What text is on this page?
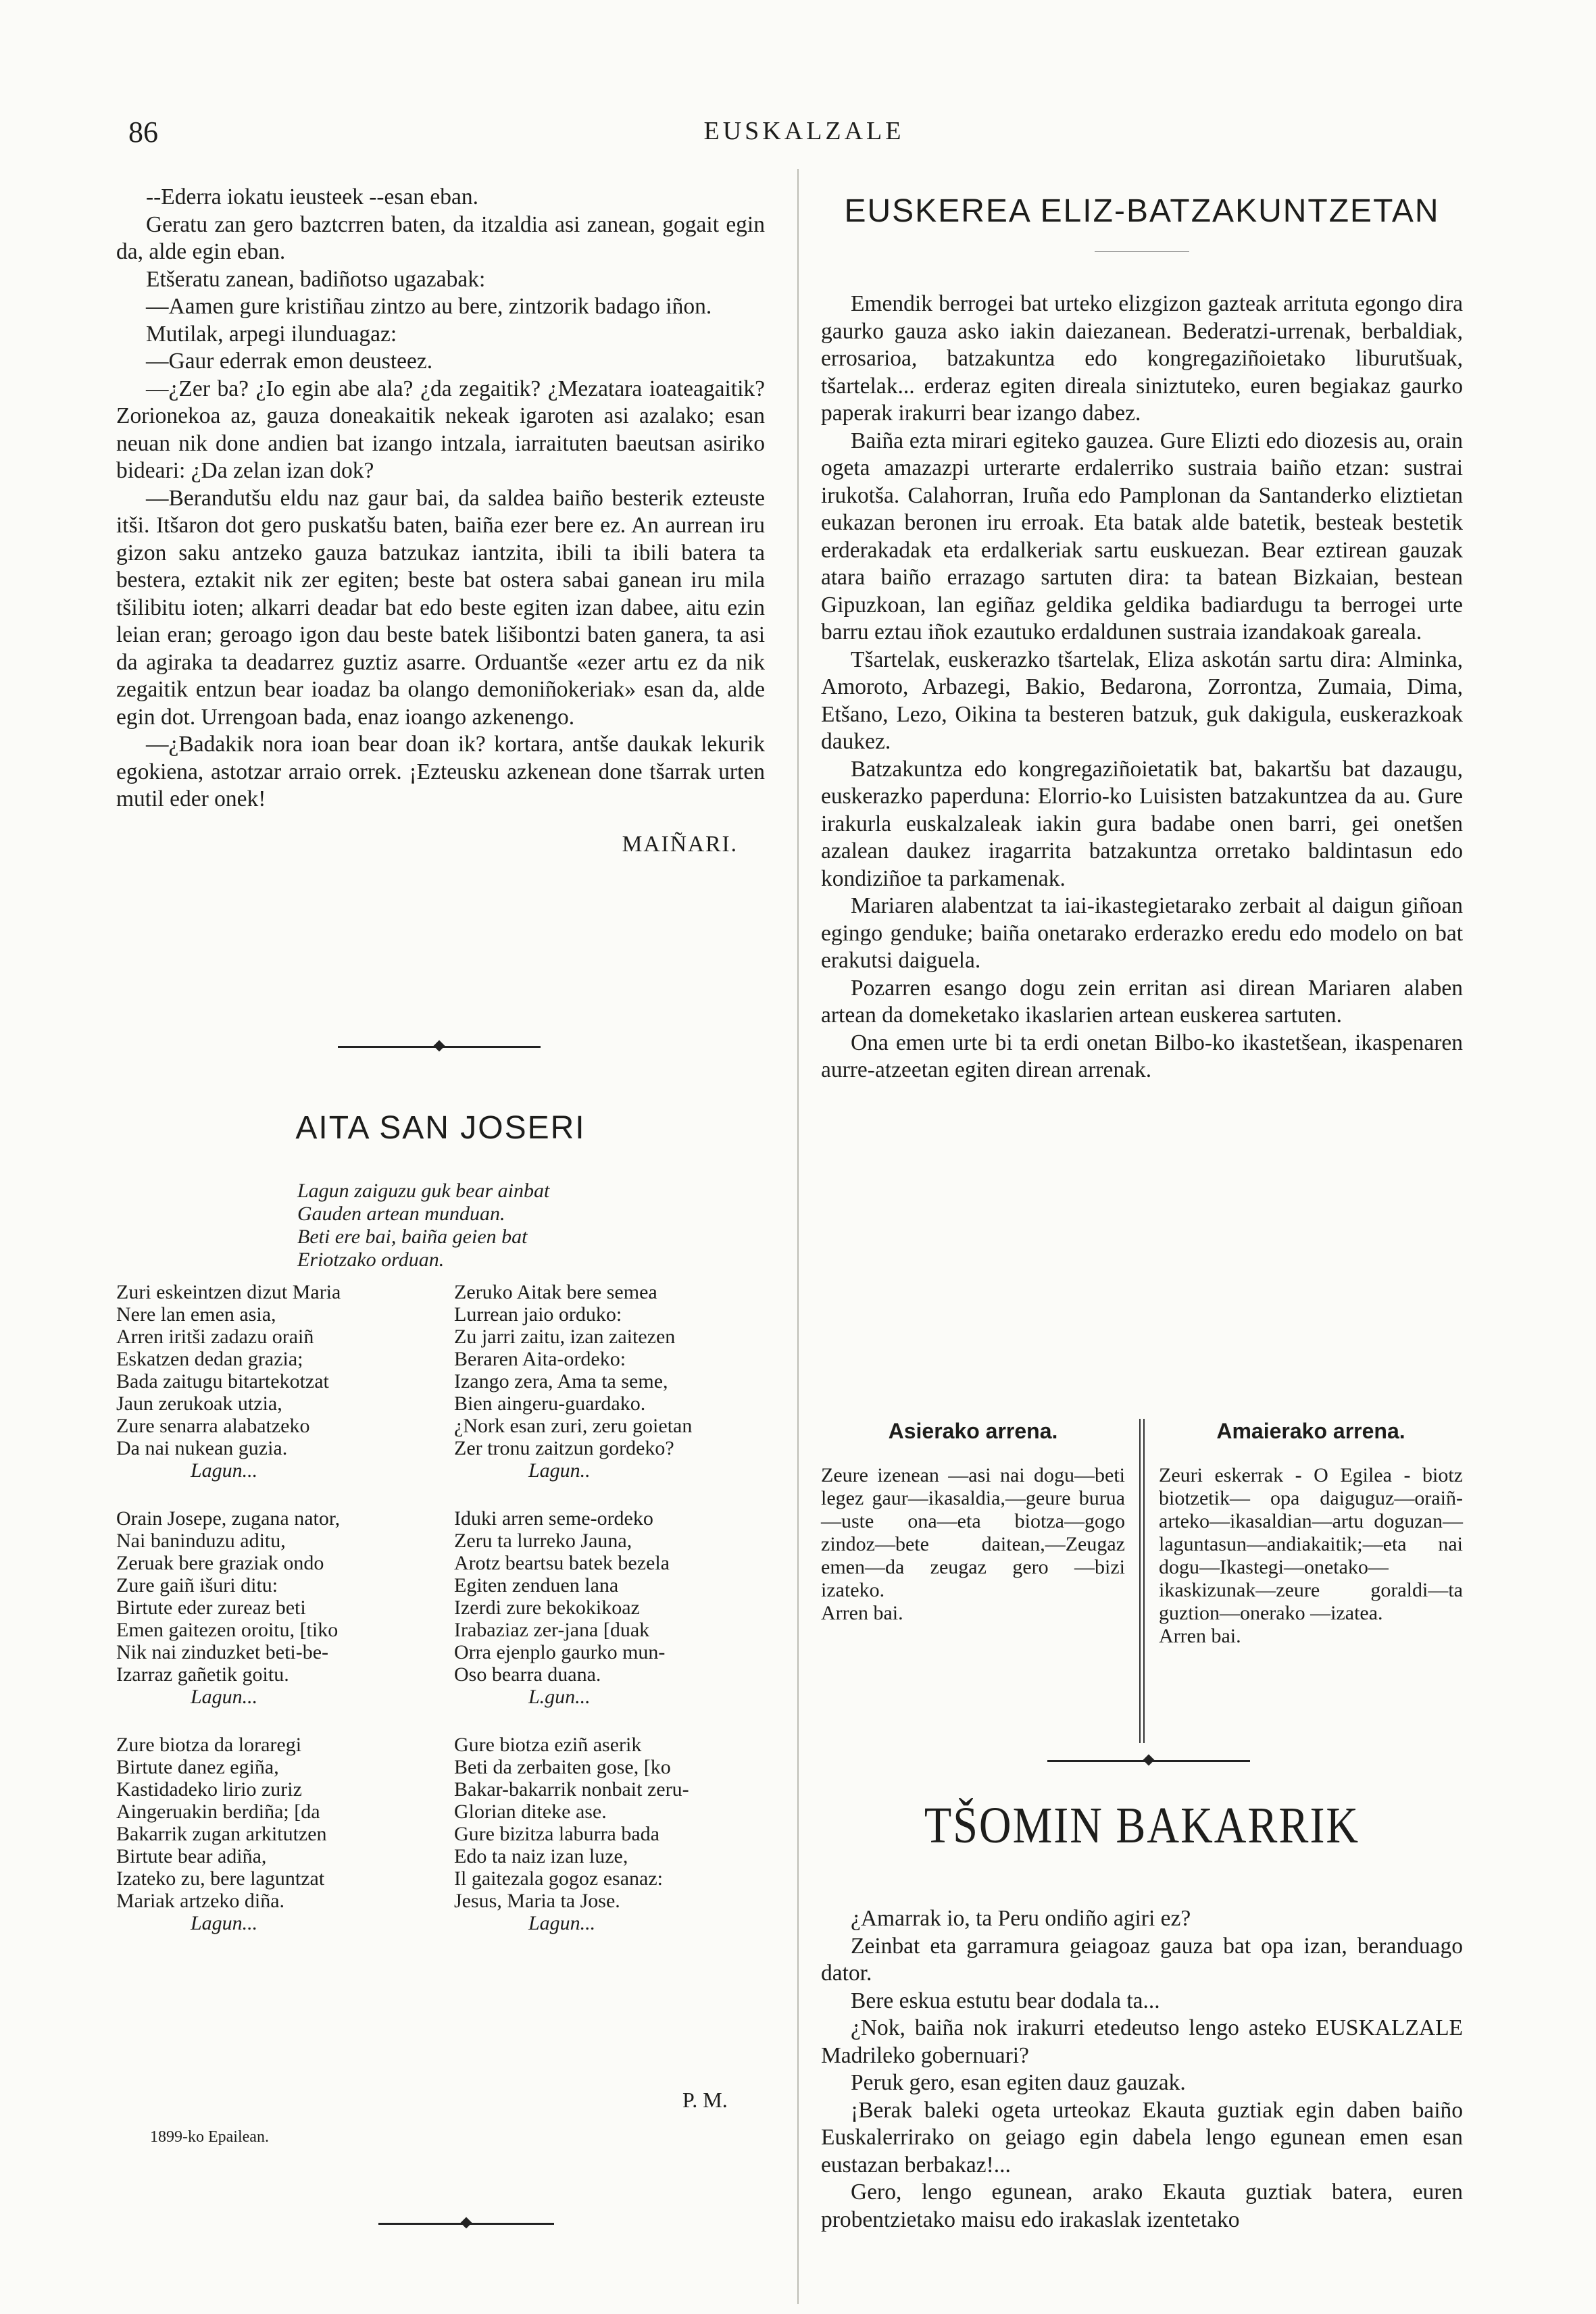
86	EUSKALZALE

--Ederra iokatu ieusteek --esan eban.

Geratu zan gero baztcrren baten, da itzaldia asi zanean, gogait egin da, alde egin eban.

Etšeratu zanean, badiñotso ugazabak:

—Aamen gure kristiñau zintzo au bere, zintzorik badago iñon.

Mutilak, arpegi ilunduagaz:

—Gaur ederrak emon deusteez.

—¿Zer ba? ¿Io egin abe ala? ¿da zegaitik? ¿Mezatara ioateagaitik? Zorionekoa az, gauza doneakaitik nekeak igaroten asi azalako; esan neuan nik done andien bat izango intzala, iarraituten baeutsan asiriko bideari: ¿Da zelan izan dok?

—Berandutšu eldu naz gaur bai, da saldea baiño besterik ezteuste itši. Itšaron dot gero puskatšu baten, baiña ezer bere ez. An aurrean iru gizon saku antzeko gauza batzukaz iantzita, ibili ta ibili batera ta bestera, eztakit nik zer egiten; beste bat ostera sabai ganean iru mila tšilibitu ioten; alkarri deadar bat edo beste egiten izan dabee, aitu ezin leian eran; geroago igon dau beste batek lišibontzi baten ganera, ta asi da agiraka ta deadarrez guztiz asarre. Orduantše «ezer artu ez da nik zegaitik entzun bear ioadaz ba olango demoniñokeriak» esan da, alde egin dot. Urrengoan bada, enaz ioango azkenengo.

—¿Badakik nora ioan bear doan ik? kortara, antše daukak lekurik egokiena, astotzar arraio orrek. ¡Ezteusku azkenean done tšarrak urten mutil eder onek!

MAIÑARI.

AITA SAN JOSERI
Lagun zaiguzu guk bear ainbat
Gauden artean munduan.
Beti ere bai, baiña geien bat
Eriotzako orduan.
Zuri eskeintzen dizut Maria
Nere lan emen asia,
Arren iritši zadazu oraiñ
Eskatzen dedan grazia;
Bada zaitugu bitartekotzat
Jaun zerukoak utzia,
Zure senarra alabatzeko
Da nai nukean guzia.
Lagun...
Orain Josepe, zugana nator,
Nai baninduzu aditu,
Zeruak bere graziak ondo
Zure gaiñ išuri ditu:
Birtute eder zureaz beti
Emen gaitezen oroitu, [tiko
Nik nai zinduzket beti-be-
Izarraz gañetik goitu.
Lagun...
Zure biotza da loraregi
Birtute danez egiña,
Kastidadeko lirio zuriz
Aingeruakin berdiña; [da
Bakarrik zugan arkitutzen
Birtute bear adiña,
Izateko zu, bere laguntzat
Mariak artzeko diña.
Lagun...
Zeruko Aitak bere semea
Lurrean jaio orduko:
Zu jarri zaitu, izan zaitezen
Beraren Aita-ordeko:
Izango zera, Ama ta seme,
Bien aingeru-guardako.
¿Nork esan zuri, zeru goietan
Zer tronu zaitzun gordeko?
Lagun..
Iduki arren seme-ordeko
Zeru ta lurreko Jauna,
Arotz beartsu batek bezela
Egiten zenduen lana
Izerdi zure bekokikoaz
Irabaziaz zer-jana [duak
Orra ejenplo gaurko mun-
Oso bearra duana.
L.gun...
Gure biotza eziñ aserik
Beti da zerbaiten gose, [ko
Bakar-bakarrik nonbait zeru-
Glorian diteke ase.
Gure bizitza laburra bada
Edo ta naiz izan luze,
Il gaitezala gogoz esanaz:
Jesus, Maria ta Jose.
Lagun...
P. M.
1899-ko Epailean.
EUSKEREA ELIZ-BATZAKUNTZETAN

Emendik berrogei bat urteko elizgizon gazteak arrituta egongo dira gaurko gauza asko iakin daiezanean. Bederatzi-urrenak, berbaldiak, errosarioa, batzakuntza edo kongregaziñoietako liburutšuak, tšartelak... erderaz egiten direala siniztuteko, euren begiakaz gaurko paperak irakurri bear izango dabez.

Baiña ezta mirari egiteko gauzea. Gure Elizti edo diozesis au, orain ogeta amazazpi urterarte erdalerriko sustraia baiño etzan: sustrai irukotša. Calahorran, Iruña edo Pamplonan da Santanderko eliztietan eukazan beronen iru erroak. Eta batak alde batetik, besteak bestetik erderakadak eta erdalkeriak sartu euskuezan. Bear eztirean gauzak atara baiño errazago sartuten dira: ta batean Bizkaian, bestean Gipuzkoan, lan egiñaz geldika geldika badiardugu ta berrogei urte barru eztau iñok ezautuko erdaldunen sustraia izandakoak gareala.

Tšartelak, euskerazko tšartelak, Eliza askotán sartu dira: Alminka, Amoroto, Arbazegi, Bakio, Bedarona, Zorrontza, Zumaia, Dima, Etšano, Lezo, Oikina ta besteren batzuk, guk dakigula, euskerazkoak daukez.

Batzakuntza edo kongregaziñoietatik bat, bakartšu bat dazaugu, euskerazko paperduna: Elorrio-ko Luisisten batzakuntzea da au. Gure irakurla euskalzaleak iakin gura badabe onen barri, gei onetšen azalean daukez iragarrita batzakuntza orretako baldintasun edo kondiziñoe ta parkamenak.

Mariaren alabentzat ta iai-ikastegietarako zerbait al daigun giñoan egingo genduke; baiña onetarako erderazko eredu edo modelo on bat erakutsi daiguela.

Pozarren esango dogu zein erritan asi direan Mariaren alaben artean da domeketako ikaslarien artean euskerea sartuten.

Ona emen urte bi ta erdi onetan Bilbo-ko ikastetšean, ikaspenaren aurre-atzeetan egiten direan arrenak.

Asierako arrena.
Zeure izenean —asi nai dogu—beti legez gaur—ikasaldia,—geure burua—uste ona—eta biotza—gogo zindoz—bete daitean,—Zeugaz emen—da zeugaz gero —bizi izateko.
Arren bai.
Amaierako arrena.
Zeuri eskerrak - O Egilea - biotz biotzetik— opa daiguguz—oraiñ-arteko—ikasaldian—artu doguzan—laguntasun—andiakaitik;—eta nai dogu—Ikastegi—onetako—ikaskizunak—zeure goraldi—ta guztion—onerako —izatea.
Arren bai.
TŠOMIN BAKARRIK

¿Amarrak io, ta Peru ondiño agiri ez?

Zeinbat eta garramura geiagoaz gauza bat opa izan, beranduago dator.

Bere eskua estutu bear dodala ta...

¿Nok, baiña nok irakurri etedeutso lengo asteko EUSKALZALE Madrileko gobernuari?

Peruk gero, esan egiten dauz gauzak.

¡Berak baleki ogeta urteokaz Ekauta guztiak egin daben baiño Euskalerrirako on geiago egin dabela lengo egunean emen esan eustazan berbakaz!...

Gero, lengo egunean, arako Ekauta guztiak batera, euren probentzietako maisu edo irakaslak izentetako
